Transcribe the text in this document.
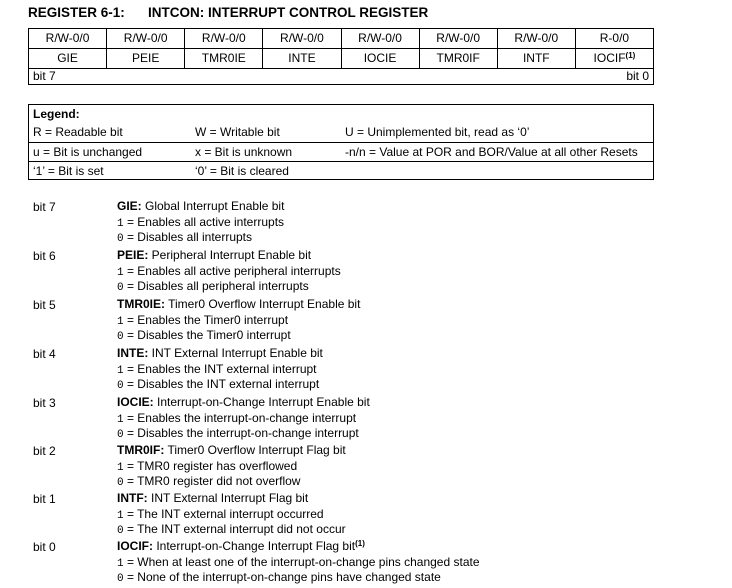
REGISTER 6-1: INTCON: INTERRUPT CONTROL REGISTER
R/W-0/0	R/W-0/0	R/W-0/0	R/W-0/0	R/W-0/0	R/W-0/0	R/W-0/0	R-0/0
GIE	PEIE	TMR0IE	INTE	IOCIE	TMR0IF	INTF	IOCIF$^{(1)}$
bit 7	bit 0
Legend:
R = Readable bit	W = Writable bit	U = Unimplemented bit, read as ‘0’
u = Bit is unchanged	x = Bit is unknown	-n/n = Value at POR and BOR/Value at all other Resets
‘1’ = Bit is set	‘0’ = Bit is cleared
bit 7	GIE: Global Interrupt Enable bit
1 = Enables all active interrupts
0 = Disables all interrupts
bit 6	PEIE: Peripheral Interrupt Enable bit
1 = Enables all active peripheral interrupts
0 = Disables all peripheral interrupts
bit 5	TMR0IE: Timer0 Overflow Interrupt Enable bit
1 = Enables the Timer0 interrupt
0 = Disables the Timer0 interrupt
bit 4	INTE: INT External Interrupt Enable bit
1 = Enables the INT external interrupt
0 = Disables the INT external interrupt
bit 3	IOCIE: Interrupt-on-Change Interrupt Enable bit
1 = Enables the interrupt-on-change interrupt
0 = Disables the interrupt-on-change interrupt
bit 2	TMR0IF: Timer0 Overflow Interrupt Flag bit
1 = TMR0 register has overflowed
0 = TMR0 register did not overflow
bit 1	INTF: INT External Interrupt Flag bit
1 = The INT external interrupt occurred
0 = The INT external interrupt did not occur
bit 0	IOCIF: Interrupt-on-Change Interrupt Flag bit$^{(1)}$
1 = When at least one of the interrupt-on-change pins changed state
0 = None of the interrupt-on-change pins have changed state
